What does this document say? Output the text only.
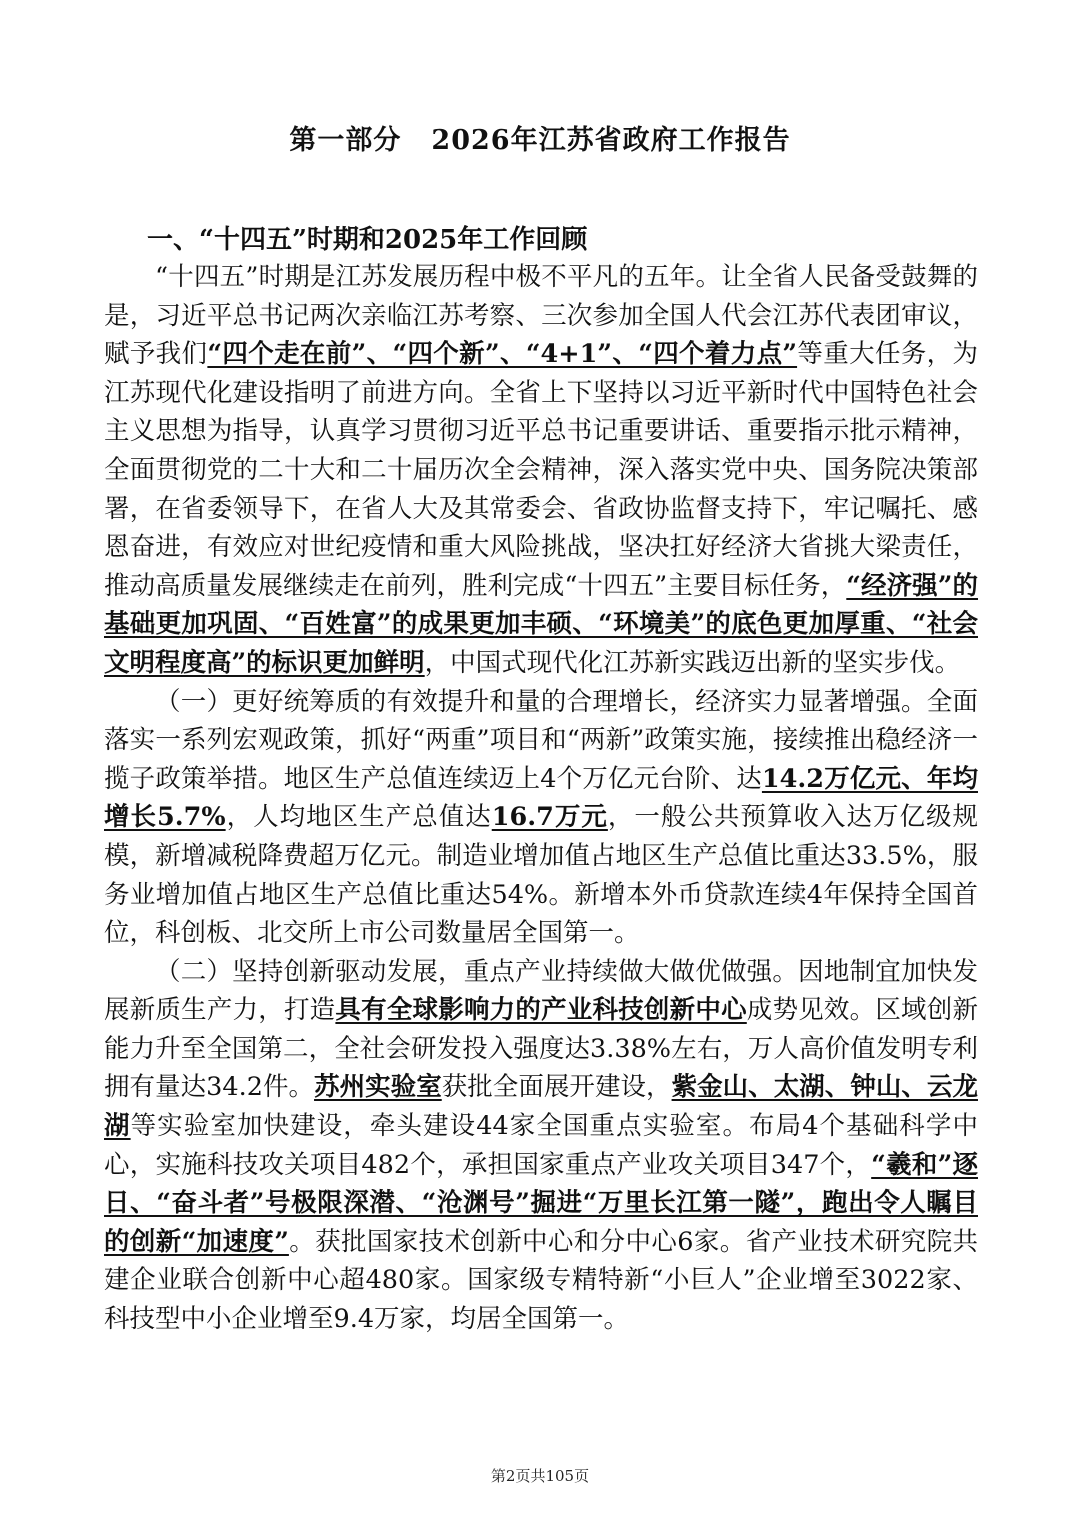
第一部分 2026年江苏省政府工作报告
一、“十四五”时期和2025年工作回顾

“十四五”时期是江苏发展历程中极不平凡的五年。让全省人民备受鼓舞的是，习近平总书记两次亲临江苏考察、三次参加全国人代会江苏代表团审议，赋予我们“四个走在前”、“四个新”、“4+1”、“四个着力点”等重大任务，为江苏现代化建设指明了前进方向。全省上下坚持以习近平新时代中国特色社会主义思想为指导，认真学习贯彻习近平总书记重要讲话、重要指示批示精神，全面贯彻党的二十大和二十届历次全会精神，深入落实党中央、国务院决策部署，在省委领导下，在省人大及其常委会、省政协监督支持下，牢记嘱托、感恩奋进，有效应对世纪疫情和重大风险挑战，坚决扛好经济大省挑大梁责任，推动高质量发展继续走在前列，胜利完成“十四五”主要目标任务，“经济强”的基础更加巩固、“百姓富”的成果更加丰硕、“环境美”的底色更加厚重、“社会文明程度高”的标识更加鲜明，中国式现代化江苏新实践迈出新的坚实步伐。

（一）更好统筹质的有效提升和量的合理增长，经济实力显著增强。全面落实一系列宏观政策，抓好“两重”项目和“两新”政策实施，接续推出稳经济一揽子政策举措。地区生产总值连续迈上4个万亿元台阶、达14.2万亿元、年均增长5.7%，人均地区生产总值达16.7万元，一般公共预算收入达万亿级规模，新增减税降费超万亿元。制造业增加值占地区生产总值比重达33.5%，服务业增加值占地区生产总值比重达54%。新增本外币贷款连续4年保持全国首位，科创板、北交所上市公司数量居全国第一。

（二）坚持创新驱动发展，重点产业持续做大做优做强。因地制宜加快发展新质生产力，打造具有全球影响力的产业科技创新中心成势见效。区域创新能力升至全国第二，全社会研发投入强度达3.38%左右，万人高价值发明专利拥有量达34.2件。苏州实验室获批全面展开建设，紫金山、太湖、钟山、云龙湖等实验室加快建设，牵头建设44家全国重点实验室。布局4个基础科学中心，实施科技攻关项目482个，承担国家重点产业攻关项目347个，“羲和”逐日、“奋斗者”号极限深潜、“沧渊号”掘进“万里长江第一隧”，跑出令人瞩目的创新“加速度”。获批国家技术创新中心和分中心6家。省产业技术研究院共建企业联合创新中心超480家。国家级专精特新“小巨人”企业增至3022家、科技型中小企业增至9.4万家，均居全国第一。

第2页共105页
